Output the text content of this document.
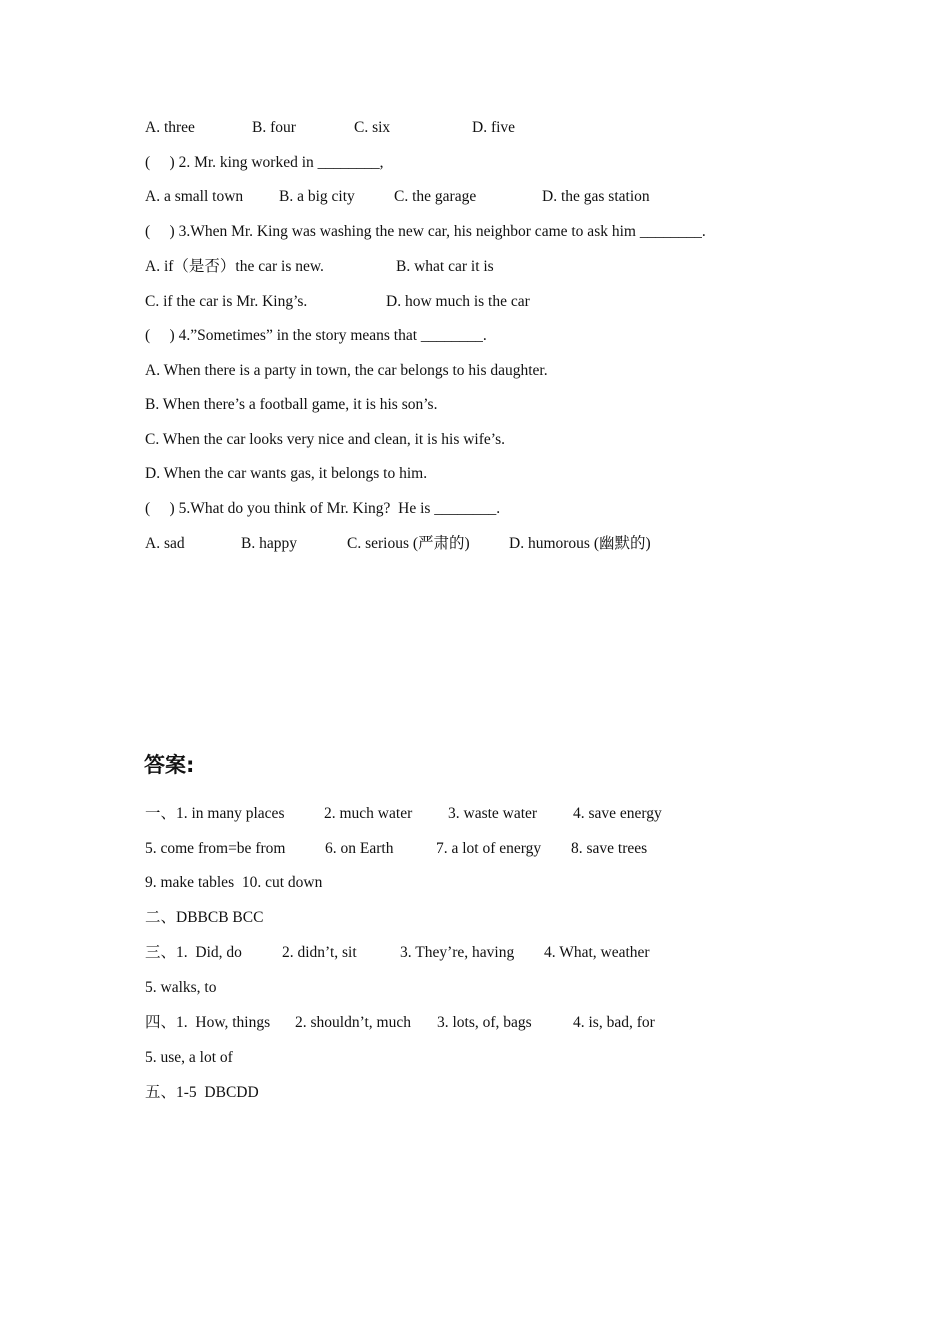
A. three	B. four	C. six	D. five
(     ) 2. Mr. king worked in ________,
A. a small town B. a big city	C. the garage	D. the gas station
(     ) 3.When Mr. King was washing the new car, his neighbor came to ask him ________.
A. if（是否）the car is new.	B. what car it is
C. if the car is Mr. King’s.	D. how much is the car
(     ) 4.”Sometimes” in the story means that ________.
A. When there is a party in town, the car belongs to his daughter.
B. When there’s a football game, it is his son’s.
C. When the car looks very nice and clean, it is his wife’s.
D. When the car wants gas, it belongs to him.
(     ) 5.What do you think of Mr. King?  He is ________.
A. sad	B. happy	C. serious (严肃的)	D. humorous (幽默的)
答案:
一、1. in many places	2. much water 3. waste water 4. save energy
5. come from=be from	6. on Earth	7. a lot of energy 8. save trees
9. make tables  10. cut down
二、DBBCB BCC
三、1.  Did, do	2. didn’t, sit	3. They’re, having 4. What, weather
5. walks, to
四、1.  How, things 2. shouldn’t, much 3. lots, of, bags	4. is, bad, for
5. use, a lot of
五、1-5  DBCDD
